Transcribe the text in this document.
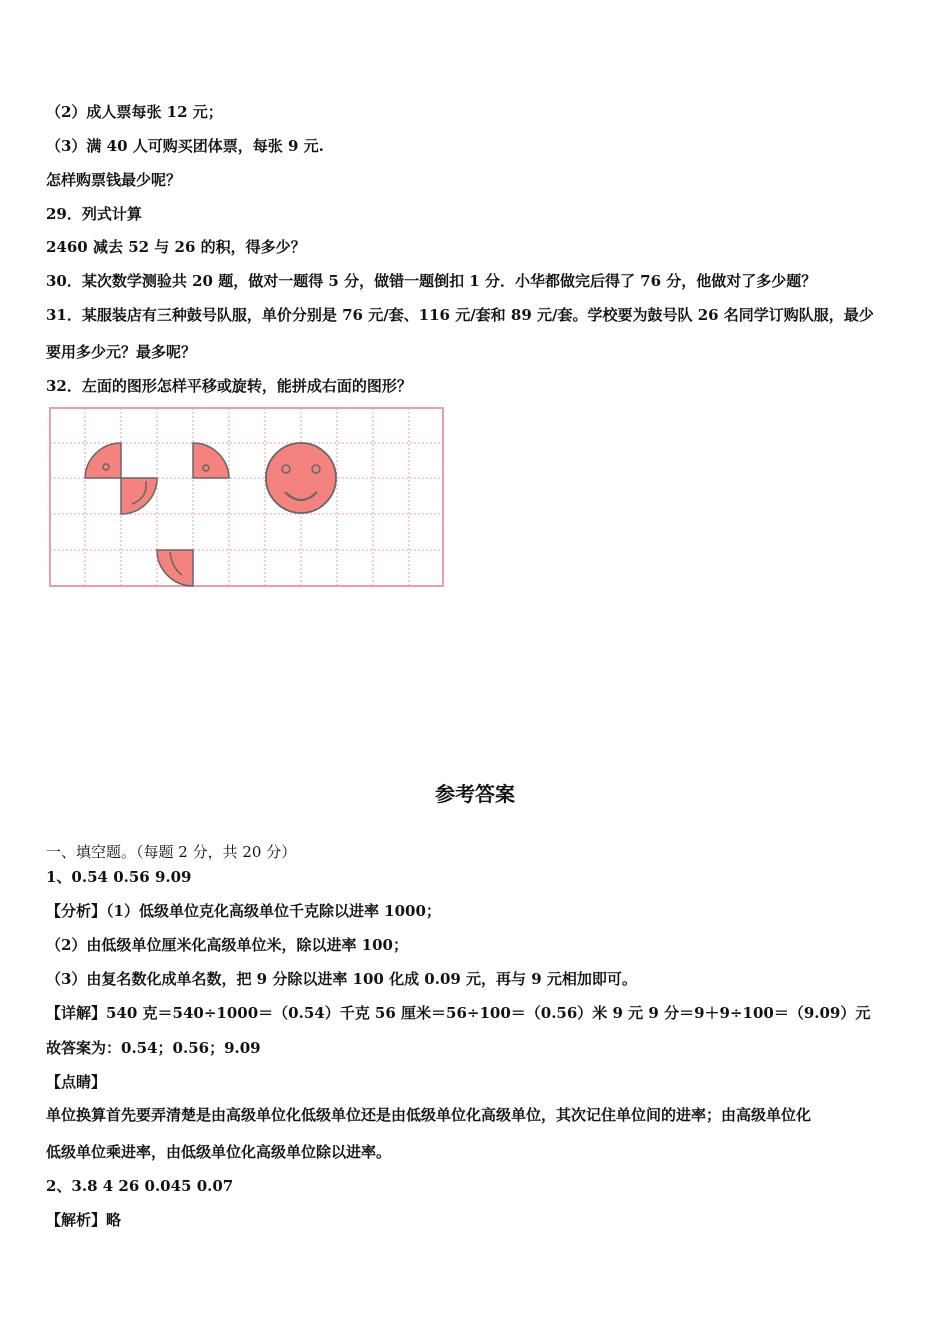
（2）成人票每张 12 元；
（3）满 40 人可购买团体票，每张 9 元.
怎样购票钱最少呢？
29．列式计算
2460 减去 52 与 26 的积，得多少？
30．某次数学测验共 20 题，做对一题得 5 分，做错一题倒扣 1 分．小华都做完后得了 76 分，他做对了多少题？
31．某服装店有三种鼓号队服，单价分别是 76 元/套、116 元/套和 89 元/套。学校要为鼓号队 26 名同学订购队服，最少
要用多少元？最多呢？
32．左面的图形怎样平移或旋转，能拼成右面的图形？
参考答案
一、填空题。（每题 2 分，共 20 分）
1、0.54 0.56 9.09
【分析】（1）低级单位克化高级单位千克除以进率 1000；
（2）由低级单位厘米化高级单位米，除以进率 100；
（3）由复名数化成单名数，把 9 分除以进率 100 化成 0.09 元，再与 9 元相加即可。
【详解】540 克＝540÷1000＝（0.54）千克 56 厘米＝56÷100＝（0.56）米 9 元 9 分＝9＋9÷100＝（9.09）元
故答案为：0.54；0.56；9.09
【点睛】
单位换算首先要弄清楚是由高级单位化低级单位还是由低级单位化高级单位，其次记住单位间的进率；由高级单位化
低级单位乘进率，由低级单位化高级单位除以进率。
2、3.8 4 26 0.045 0.07
【解析】略
